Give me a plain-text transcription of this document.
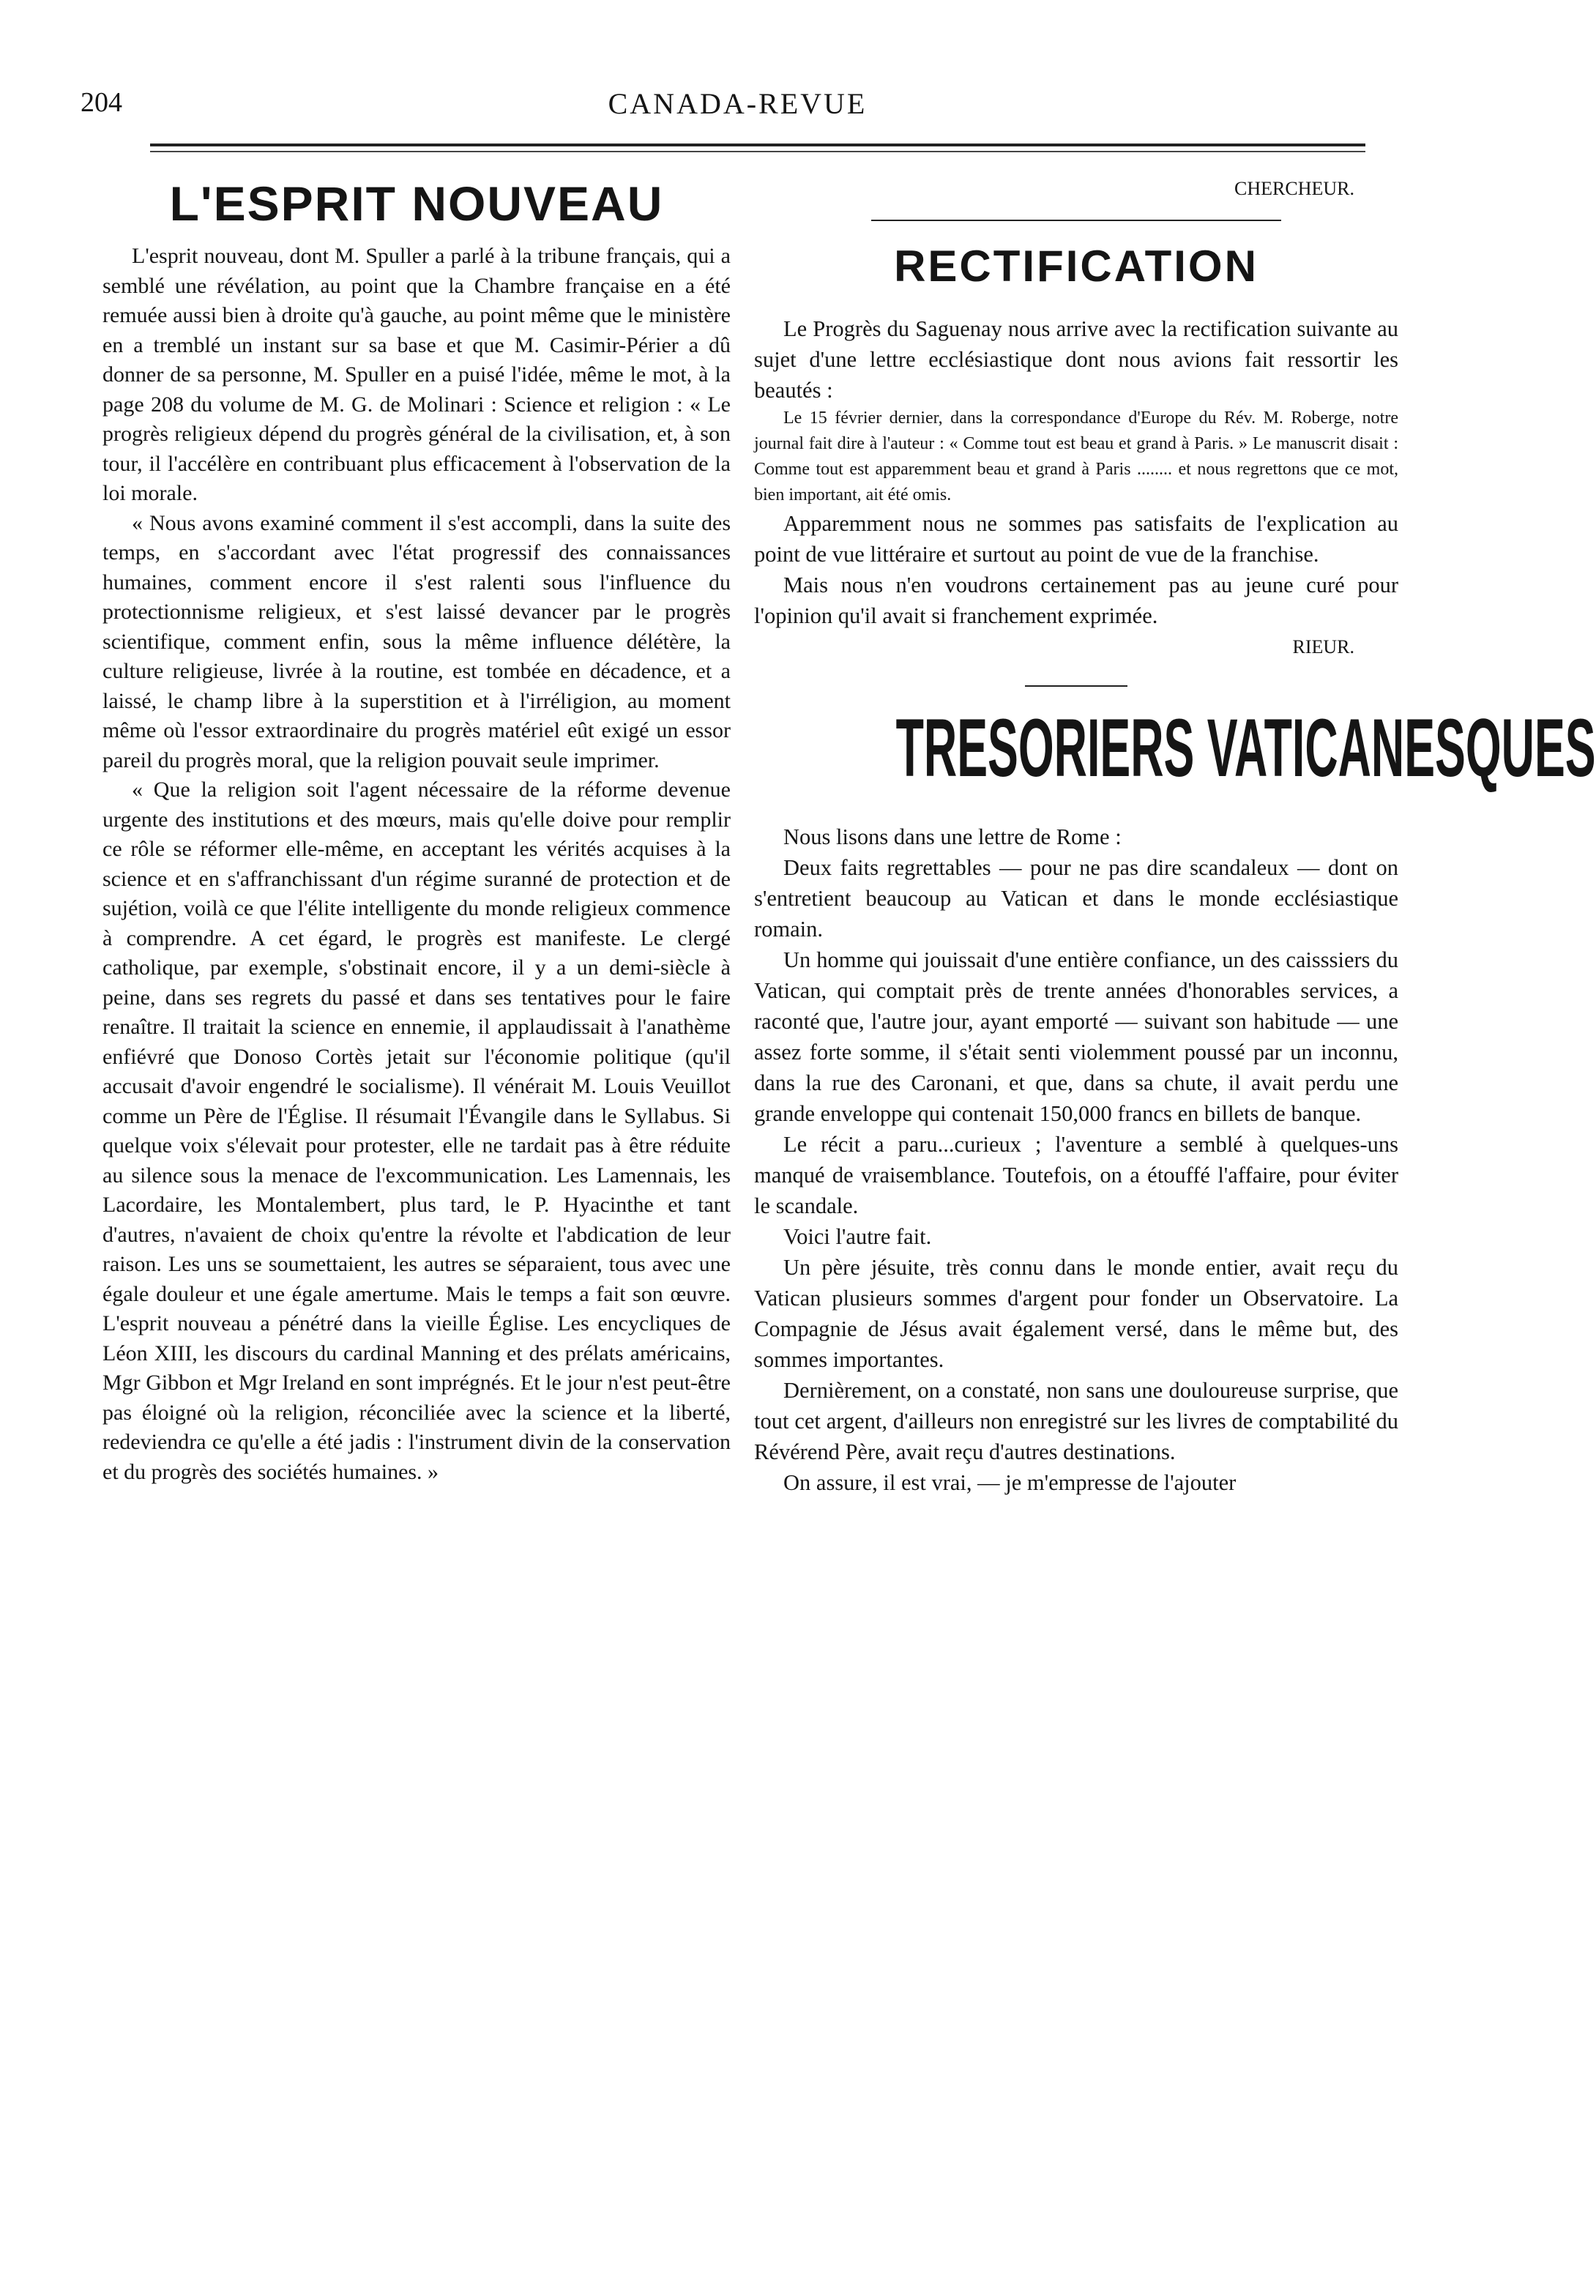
204	CANADA-REVUE
L'ESPRIT NOUVEAU

L'esprit nouveau, dont M. Spuller a parlé à la tribune français, qui a semblé une révélation, au point que la Chambre française en a été remuée aussi bien à droite qu'à gauche, au point même que le ministère en a tremblé un instant sur sa base et que M. Casimir-Périer a dû donner de sa personne, M. Spuller en a puisé l'idée, même le mot, à la page 208 du volume de M. G. de Molinari : Science et religion : « Le progrès religieux dépend du progrès général de la civilisation, et, à son tour, il l'accélère en contribuant plus efficacement à l'observation de la loi morale.

« Nous avons examiné comment il s'est accompli, dans la suite des temps, en s'accordant avec l'état progressif des connaissances humaines, comment encore il s'est ralenti sous l'influence du protectionnisme religieux, et s'est laissé devancer par le progrès scientifique, comment enfin, sous la même influence délétère, la culture religieuse, livrée à la routine, est tombée en décadence, et a laissé, le champ libre à la superstition et à l'irréligion, au moment même où l'essor extraordinaire du progrès matériel eût exigé un essor pareil du progrès moral, que la religion pouvait seule imprimer.

« Que la religion soit l'agent nécessaire de la réforme devenue urgente des institutions et des mœurs, mais qu'elle doive pour remplir ce rôle se réformer elle-même, en acceptant les vérités acquises à la science et en s'affranchissant d'un régime suranné de protection et de sujétion, voilà ce que l'élite intelligente du monde religieux commence à comprendre. A cet égard, le progrès est manifeste. Le clergé catholique, par exemple, s'obstinait encore, il y a un demi-siècle à peine, dans ses regrets du passé et dans ses tentatives pour le faire renaître. Il traitait la science en ennemie, il applaudissait à l'anathème enfiévré que Donoso Cortès jetait sur l'économie politique (qu'il accusait d'avoir engendré le socialisme). Il vénérait M. Louis Veuillot comme un Père de l'Église. Il résumait l'Évangile dans le Syllabus. Si quelque voix s'élevait pour protester, elle ne tardait pas à être réduite au silence sous la menace de l'excommunication. Les Lamennais, les Lacordaire, les Montalembert, plus tard, le P. Hyacinthe et tant d'autres, n'avaient de choix qu'entre la révolte et l'abdication de leur raison. Les uns se soumettaient, les autres se séparaient, tous avec une égale douleur et une égale amertume. Mais le temps a fait son œuvre. L'esprit nouveau a pénétré dans la vieille Église. Les encycliques de Léon XIII, les discours du cardinal Manning et des prélats américains, Mgr Gibbon et Mgr Ireland en sont imprégnés. Et le jour n'est peut-être pas éloigné où la religion, réconciliée avec la science et la liberté, redeviendra ce qu'elle a été jadis : l'instrument divin de la conservation et du progrès des sociétés humaines. »

CHERCHEUR.
RECTIFICATION

Le Progrès du Saguenay nous arrive avec la rectification suivante au sujet d'une lettre ecclésiastique dont nous avions fait ressortir les beautés :

Le 15 février dernier, dans la correspondance d'Europe du Rév. M. Roberge, notre journal fait dire à l'auteur : « Comme tout est beau et grand à Paris. » Le manuscrit disait : Comme tout est apparemment beau et grand à Paris ........ et nous regrettons que ce mot, bien important, ait été omis.

Apparemment nous ne sommes pas satisfaits de l'explication au point de vue littéraire et surtout au point de vue de la franchise.

Mais nous n'en voudrons certainement pas au jeune curé pour l'opinion qu'il avait si franchement exprimée.

RIEUR.
TRESORIERS VATICANESQUES

Nous lisons dans une lettre de Rome :

Deux faits regrettables — pour ne pas dire scandaleux — dont on s'entretient beaucoup au Vatican et dans le monde ecclésiastique romain.

Un homme qui jouissait d'une entière confiance, un des caisssiers du Vatican, qui comptait près de trente années d'honorables services, a raconté que, l'autre jour, ayant emporté — suivant son habitude — une assez forte somme, il s'était senti violemment poussé par un inconnu, dans la rue des Caronani, et que, dans sa chute, il avait perdu une grande enveloppe qui contenait 150,000 francs en billets de banque.

Le récit a paru...curieux ; l'aventure a semblé à quelques-uns manqué de vraisemblance. Toutefois, on a étouffé l'affaire, pour éviter le scandale.

Voici l'autre fait.

Un père jésuite, très connu dans le monde entier, avait reçu du Vatican plusieurs sommes d'argent pour fonder un Observatoire. La Compagnie de Jésus avait également versé, dans le même but, des sommes importantes.

Dernièrement, on a constaté, non sans une douloureuse surprise, que tout cet argent, d'ailleurs non enregistré sur les livres de comptabilité du Révérend Père, avait reçu d'autres destinations.

On assure, il est vrai, — je m'empresse de l'ajouter
